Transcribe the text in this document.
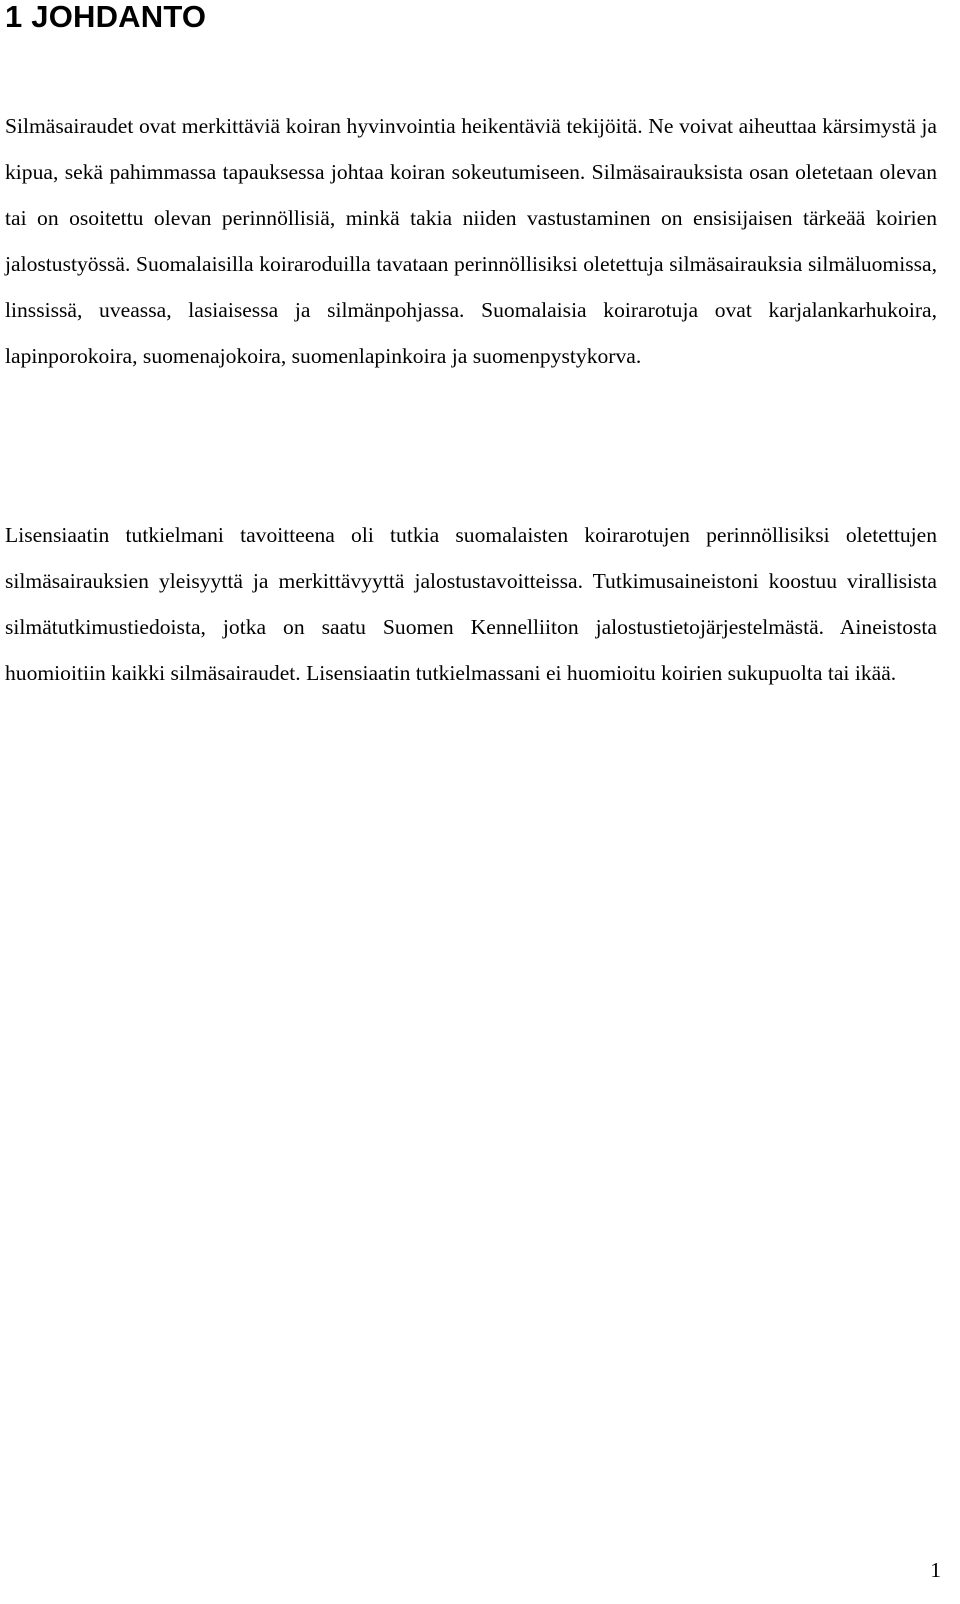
1 JOHDANTO

Silmäsairaudet ovat merkittäviä koiran hyvinvointia heikentäviä tekijöitä. Ne voivat aiheuttaa kärsimystä ja kipua, sekä pahimmassa tapauksessa johtaa koiran sokeutumiseen. Silmäsairauksista osan oletetaan olevan tai on osoitettu olevan perinnöllisiä, minkä takia niiden vastustaminen on ensisijaisen tärkeää koirien jalostustyössä. Suomalaisilla koiraroduilla tavataan perinnöllisiksi oletettuja silmäsairauksia silmäluomissa, linssissä, uveassa, lasiaisessa ja silmänpohjassa. Suomalaisia koirarotuja ovat karjalankarhukoira, lapinporokoira, suomenajokoira, suomenlapinkoira ja suomenpystykorva.

Lisensiaatin tutkielmani tavoitteena oli tutkia suomalaisten koirarotujen perinnöllisiksi oletettujen silmäsairauksien yleisyyttä ja merkittävyyttä jalostustavoitteissa. Tutkimusaineistoni koostuu virallisista silmätutkimustiedoista, jotka on saatu Suomen Kennelliiton jalostustietojärjestelmästä. Aineistosta huomioitiin kaikki silmäsairaudet. Lisensiaatin tutkielmassani ei huomioitu koirien sukupuolta tai ikää.

1
